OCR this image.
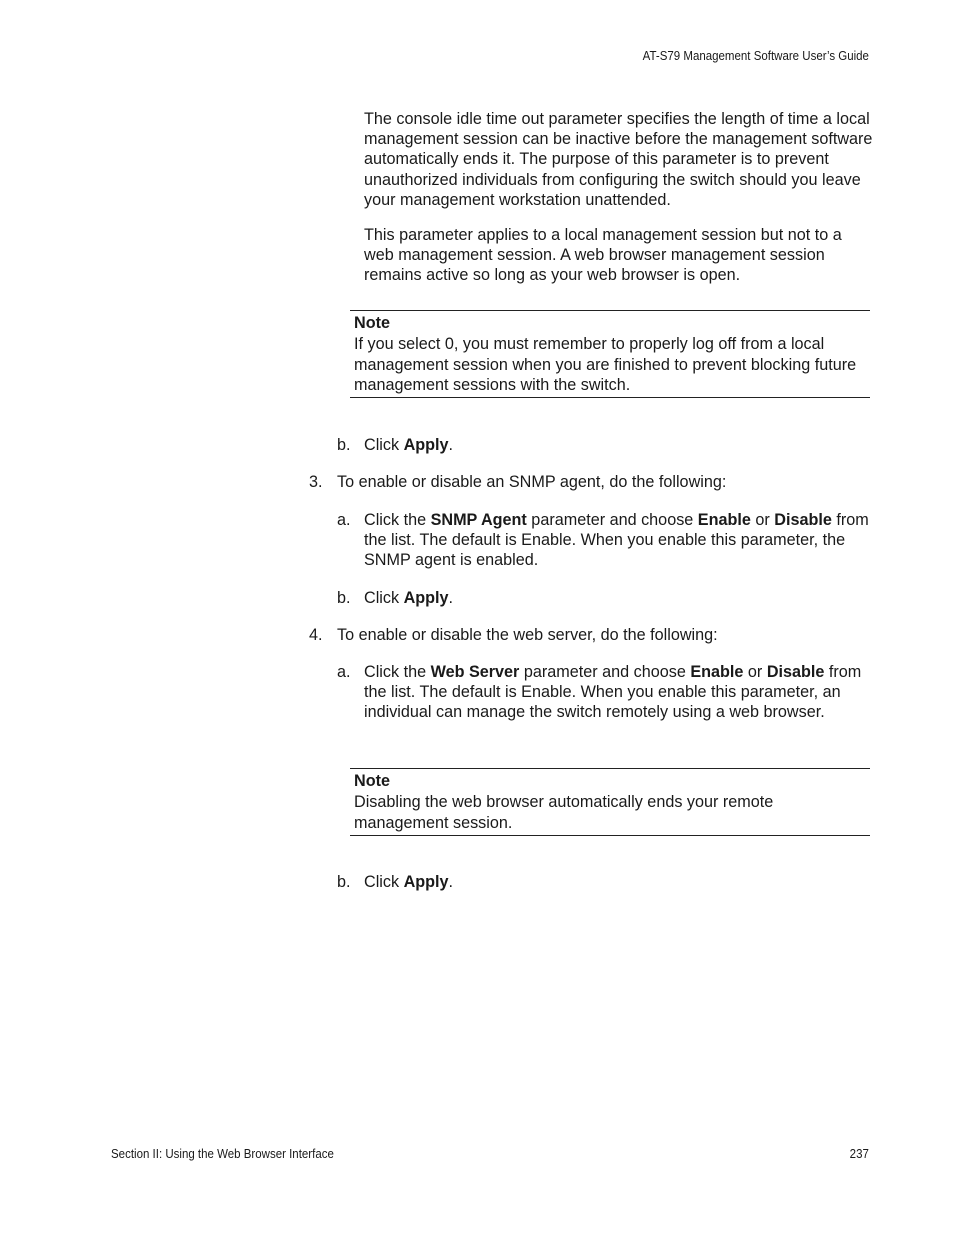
AT-S79 Management Software User’s Guide
The console idle time out parameter specifies the length of time a local management session can be inactive before the management software automatically ends it. The purpose of this parameter is to prevent unauthorized individuals from configuring the switch should you leave your management workstation unattended.
This parameter applies to a local management session but not to a web management session. A web browser management session remains active so long as your web browser is open.
Note
If you select 0, you must remember to properly log off from a local management session when you are finished to prevent blocking future management sessions with the switch.
b. Click Apply.
3. To enable or disable an SNMP agent, do the following:
a. Click the SNMP Agent parameter and choose Enable or Disable from the list. The default is Enable. When you enable this parameter, the SNMP agent is enabled.
b. Click Apply.
4. To enable or disable the web server, do the following:
a. Click the Web Server parameter and choose Enable or Disable from the list. The default is Enable. When you enable this parameter, an individual can manage the switch remotely using a web browser.
Note
Disabling the web browser automatically ends your remote management session.
b. Click Apply.
Section II: Using the Web Browser Interface	237
